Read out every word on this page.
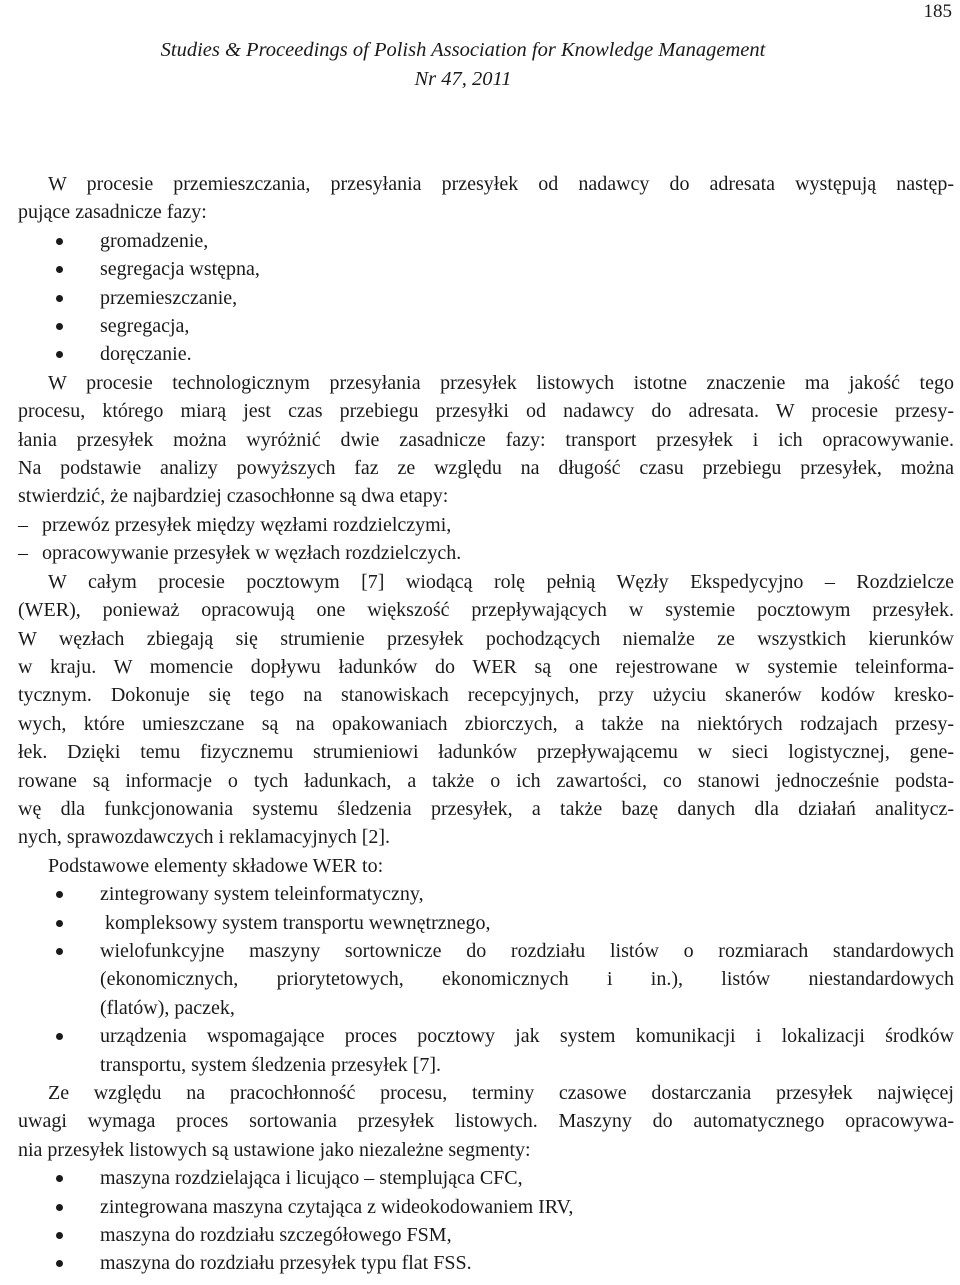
185
Studies & Proceedings of Polish Association for Knowledge Management
Nr 47, 2011
W procesie przemieszczania, przesyłania przesyłek od nadawcy do adresata występują następ-
pujące zasadnicze fazy:
gromadzenie,
segregacja wstępna,
przemieszczanie,
segregacja,
doręczanie.
W procesie technologicznym przesyłania przesyłek listowych istotne znaczenie ma jakość tego
procesu, którego miarą jest czas przebiegu przesyłki od nadawcy do adresata. W procesie przesy-
łania przesyłek można wyróżnić dwie zasadnicze fazy: transport przesyłek i ich opracowywanie.
Na podstawie analizy powyższych faz ze względu na długość czasu przebiegu przesyłek, można
stwierdzić, że najbardziej czasochłonne są dwa etapy:
– przewóz przesyłek między węzłami rozdzielczymi,
– opracowywanie przesyłek w węzłach rozdzielczych.
W całym procesie pocztowym [7] wiodącą rolę pełnią Węzły Ekspedycyjno – Rozdzielcze
(WER), ponieważ opracowują one większość przepływających w systemie pocztowym przesyłek.
W węzłach zbiegają się strumienie przesyłek pochodzących niemalże ze wszystkich kierunków
w kraju. W momencie dopływu ładunków do WER są one rejestrowane w systemie teleinforma-
tycznym. Dokonuje się tego na stanowiskach recepcyjnych, przy użyciu skanerów kodów kresko-
wych, które umieszczane są na opakowaniach zbiorczych, a także na niektórych rodzajach przesy-
łek. Dzięki temu fizycznemu strumieniowi ładunków przepływającemu w sieci logistycznej, gene-
rowane są informacje o tych ładunkach, a także o ich zawartości, co stanowi jednocześnie podsta-
wę dla funkcjonowania systemu śledzenia przesyłek, a także bazę danych dla działań analitycz-
nych, sprawozdawczych i reklamacyjnych [2].
Podstawowe elementy składowe WER to:
zintegrowany system teleinformatyczny,
kompleksowy system transportu wewnętrznego,
wielofunkcyjne maszyny sortownicze do rozdziału listów o rozmiarach standardowych
(ekonomicznych, priorytetowych, ekonomicznych i in.), listów niestandardowych
(flatów), paczek,
urządzenia wspomagające proces pocztowy jak system komunikacji i lokalizacji środków
transportu, system śledzenia przesyłek [7].
Ze względu na pracochłonność procesu, terminy czasowe dostarczania przesyłek najwięcej
uwagi wymaga proces sortowania przesyłek listowych. Maszyny do automatycznego opracowywa-
nia przesyłek listowych są ustawione jako niezależne segmenty:
maszyna rozdzielająca i licująco – stemplująca CFC,
zintegrowana maszyna czytająca z wideokodowaniem IRV,
maszyna do rozdziału szczegółowego FSM,
maszyna do rozdziału przesyłek typu flat FSS.
